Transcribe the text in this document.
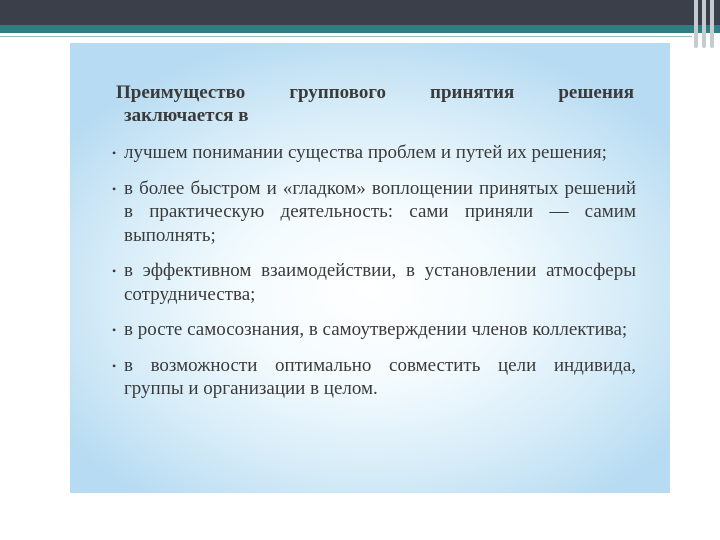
Преимущество группового принятия решения
заключается в
• лучшем понимании существа проблем и путей их решения;
• в более быстром и «гладком» воплощении принятых решений в практическую деятельность: сами приняли — самим выполнять;
• в эффективном взаимодействии, в установлении атмосферы сотрудничества;
• в росте самосознания, в самоутверждении членов коллектива;
• в возможности оптимально совместить цели индивида, группы и организации в целом.
